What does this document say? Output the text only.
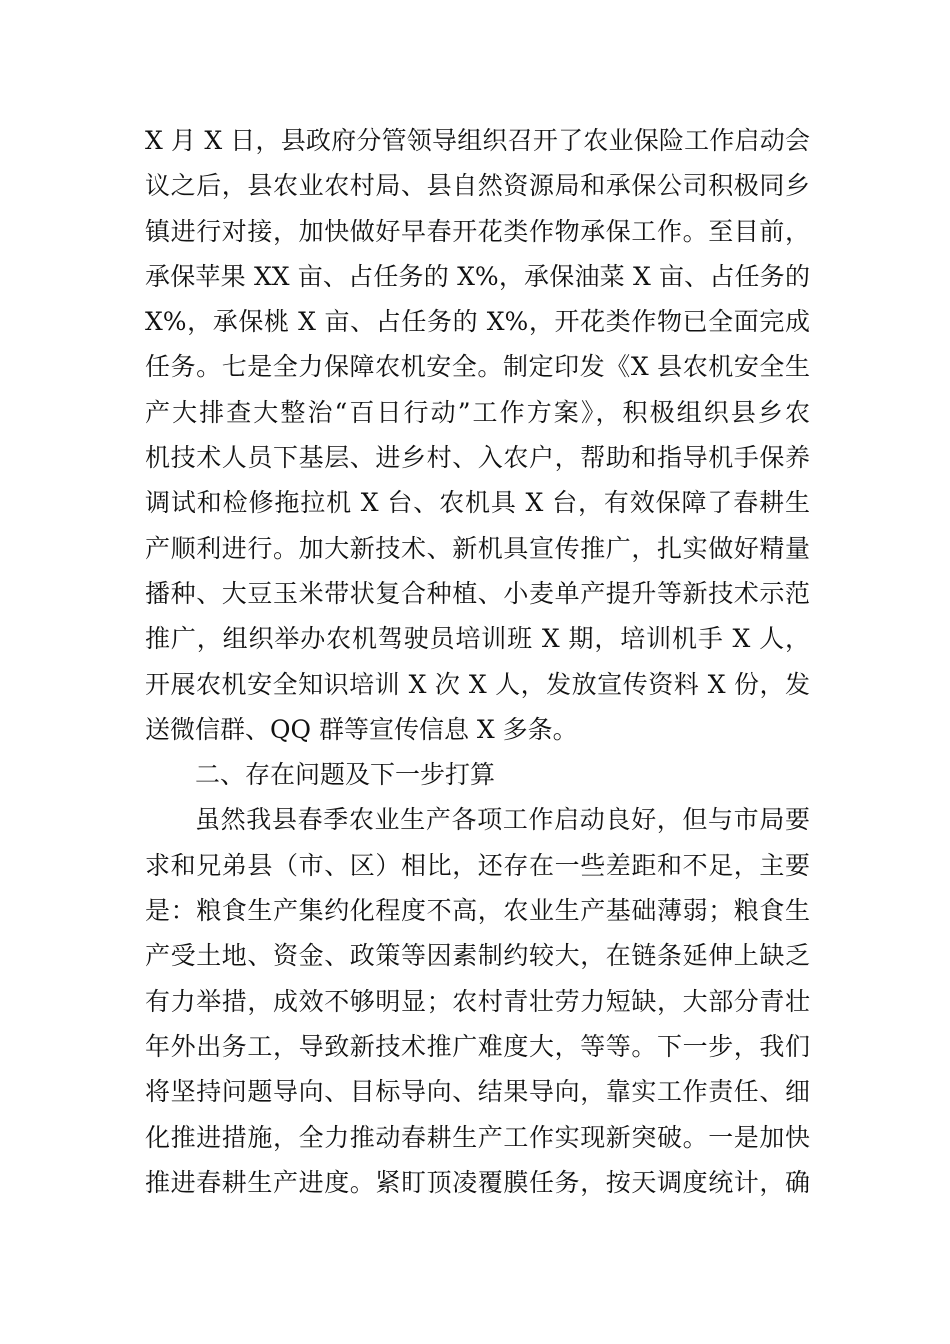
X 月 X 日，县政府分管领导组织召开了农业保险工作启动会
议之后，县农业农村局、县自然资源局和承保公司积极同乡
镇进行对接，加快做好早春开花类作物承保工作。至目前，
承保苹果 XX 亩、占任务的 X%，承保油菜 X 亩、占任务的
X%，承保桃 X 亩、占任务的 X%，开花类作物已全面完成
任务。七是全力保障农机安全。制定印发《X 县农机安全生
产大排查大整治“百日行动”工作方案》，积极组织县乡农
机技术人员下基层、进乡村、入农户，帮助和指导机手保养
调试和检修拖拉机 X 台、农机具 X 台，有效保障了春耕生
产顺利进行。加大新技术、新机具宣传推广，扎实做好精量
播种、大豆玉米带状复合种植、小麦单产提升等新技术示范
推广，组织举办农机驾驶员培训班 X 期，培训机手 X 人，
开展农机安全知识培训 X 次 X 人，发放宣传资料 X 份，发
送微信群、QQ 群等宣传信息 X 多条。
二、存在问题及下一步打算
虽然我县春季农业生产各项工作启动良好，但与市局要
求和兄弟县（市、区）相比，还存在一些差距和不足，主要
是：粮食生产集约化程度不高，农业生产基础薄弱；粮食生
产受土地、资金、政策等因素制约较大，在链条延伸上缺乏
有力举措，成效不够明显；农村青壮劳力短缺，大部分青壮
年外出务工，导致新技术推广难度大，等等。下一步，我们
将坚持问题导向、目标导向、结果导向，靠实工作责任、细
化推进措施，全力推动春耕生产工作实现新突破。一是加快
推进春耕生产进度。紧盯顶凌覆膜任务，按天调度统计，确
